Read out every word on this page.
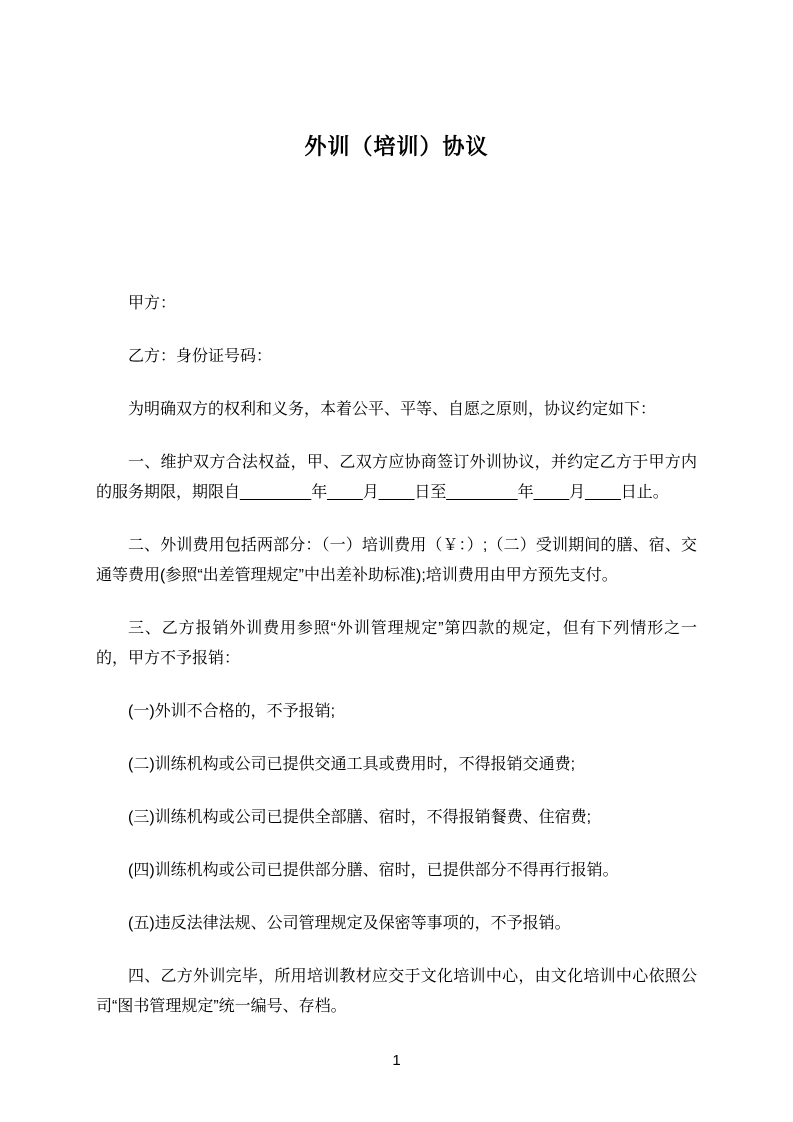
外训（培训）协议

甲方：

乙方：身份证号码：

为明确双方的权利和义务，本着公平、平等、自愿之原则，协议约定如下：

一、维护双方合法权益，甲、乙双方应协商签订外训协议，并约定乙方于甲方内的服务期限，期限自________年____月____日至________年____月____日止。

二、外训费用包括两部分：（一）培训费用（￥：）;（二）受训期间的膳、宿、交通等费用(参照“出差管理规定”中出差补助标准);培训费用由甲方预先支付。

三、乙方报销外训费用参照“外训管理规定”第四款的规定，但有下列情形之一的，甲方不予报销：

(一)外训不合格的，不予报销;

(二)训练机构或公司已提供交通工具或费用时，不得报销交通费;

(三)训练机构或公司已提供全部膳、宿时，不得报销餐费、住宿费;

(四)训练机构或公司已提供部分膳、宿时，已提供部分不得再行报销。

(五)违反法律法规、公司管理规定及保密等事项的，不予报销。

四、乙方外训完毕，所用培训教材应交于文化培训中心，由文化培训中心依照公司“图书管理规定”统一编号、存档。

1
